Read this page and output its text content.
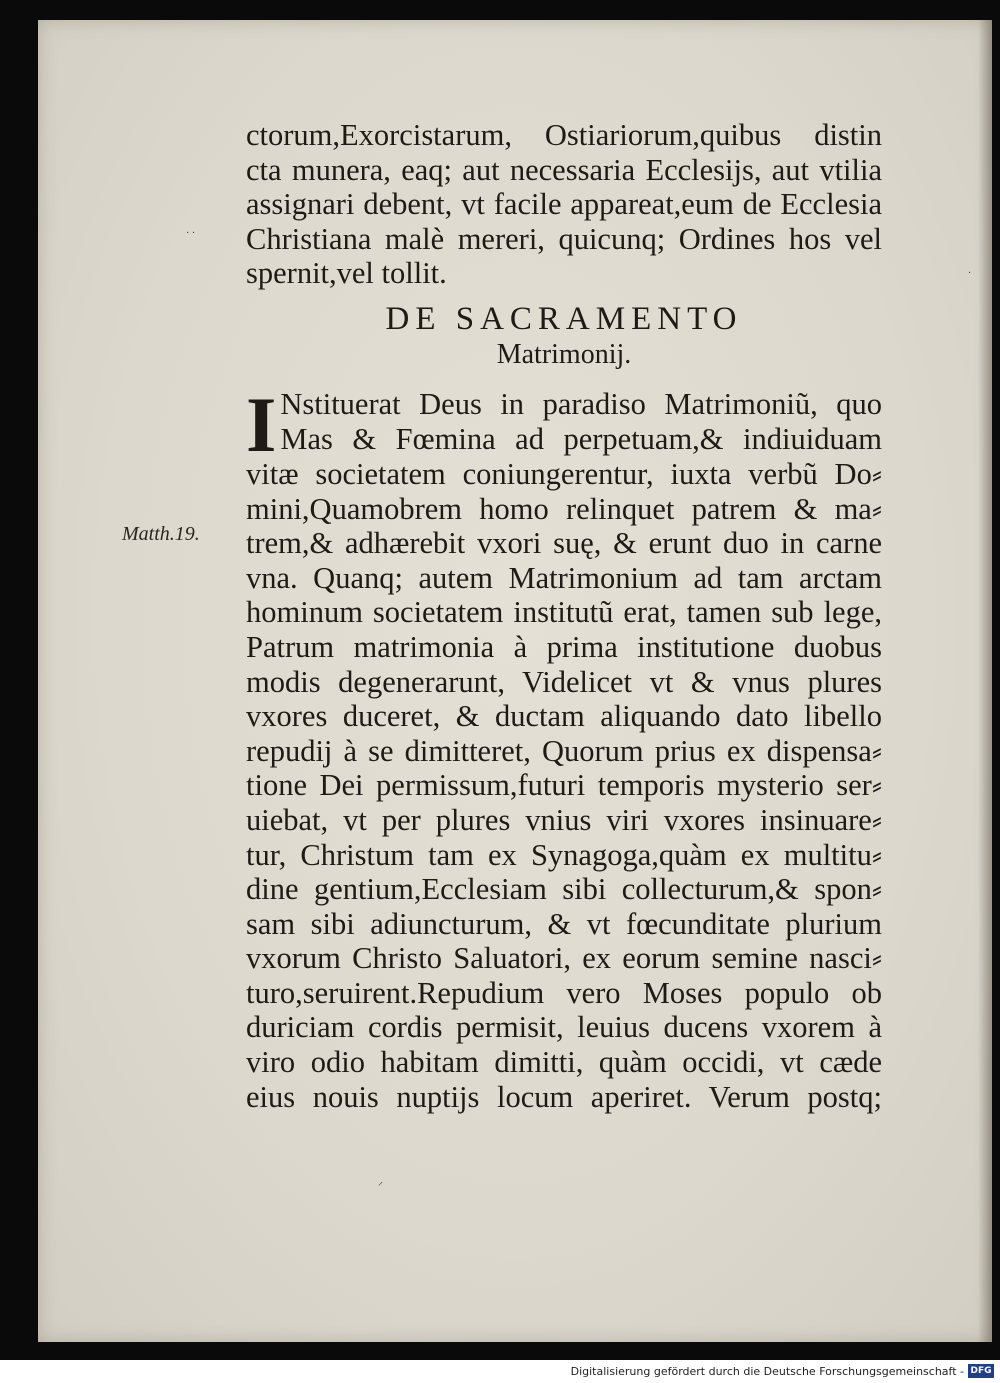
· ·
·
⸍
Matth.19.
ctorum,Exorcistarum, Ostiariorum,quibus distin
cta munera, eaq; aut necessaria Ecclesijs, aut vtilia
assignari debent, vt facile appareat,eum de Ecclesia
Christiana malè mereri, quicunq; Ordines hos vel
spernit,vel tollit.
DE SACRAMENTO
Matrimonij.
I Nstituerat Deus in paradiso Matrimoniũ, quo
Mas & Fœmina ad perpetuam,& indiuiduam
vitæ societatem coniungerentur, iuxta verbũ Do⸗
mini,Quamobrem homo relinquet patrem & ma⸗
trem,& adhærebit vxori suę, & erunt duo in carne
vna. Quanq; autem Matrimonium ad tam arctam
hominum societatem institutũ erat, tamen sub lege,
Patrum matrimonia à prima institutione duobus
modis degenerarunt, Videlicet vt & vnus plures
vxores duceret, & ductam aliquando dato libello
repudij à se dimitteret, Quorum prius ex dispensa⸗
tione Dei permissum,futuri temporis mysterio ser⸗
uiebat, vt per plures vnius viri vxores insinuare⸗
tur, Christum tam ex Synagoga,quàm ex multitu⸗
dine gentium,Ecclesiam sibi collecturum,& spon⸗
sam sibi adiuncturum, & vt fœcunditate plurium
vxorum Christo Saluatori, ex eorum semine nasci⸗
turo,seruirent.Repudium vero Moses populo ob
duriciam cordis permisit, leuius ducens vxorem à
viro odio habitam dimitti, quàm occidi, vt cæde
eius nouis nuptijs locum aperiret. Verum postq;
Digitalisierung gefördert durch die Deutsche Forschungsgemeinschaft - DFG
